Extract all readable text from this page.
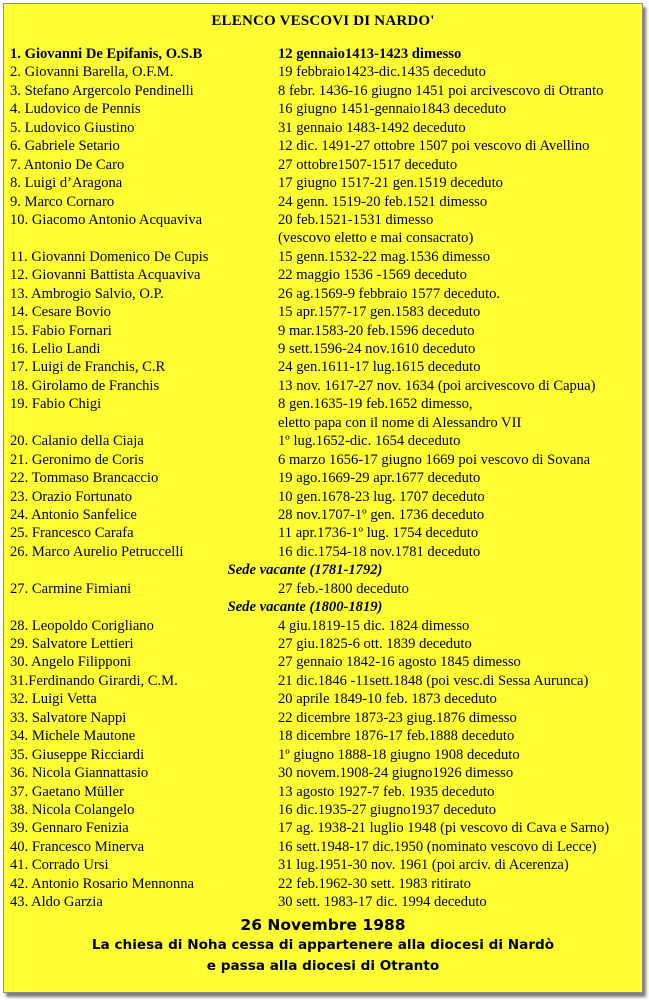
ELENCO VESCOVI DI NARDO'
1. Giovanni De Epifanis, O.S.B	12 gennaio1413-1423 dimesso
2. Giovanni Barella, O.F.M.	19 febbraio1423-dic.1435 deceduto
3. Stefano Argercolo Pendinelli	8 febr. 1436-16 giugno 1451 poi arcivescovo di Otranto
4. Ludovico de Pennis	16 giugno 1451-gennaio1843 deceduto
5. Ludovico Giustino	31 gennaio 1483-1492 deceduto
6. Gabriele Setario	12 dic. 1491-27 ottobre 1507 poi vescovo di Avellino
7. Antonio De Caro	27 ottobre1507-1517 deceduto
8. Luigi d’Aragona	17 giugno 1517-21 gen.1519 deceduto
9. Marco Cornaro	24 genn. 1519-20 feb.1521 dimesso
10. Giacomo Antonio Acquaviva	20 feb.1521-1531 dimesso
(vescovo eletto e mai consacrato)
11. Giovanni Domenico De Cupis	15 genn.1532-22 mag.1536 dimesso
12. Giovanni Battista Acquaviva	22 maggio 1536 -1569 deceduto
13. Ambrogio Salvio, O.P.	26 ag.1569-9 febbraio 1577 deceduto.
14. Cesare Bovio	15 apr.1577-17 gen.1583 deceduto
15. Fabio Fornari	9 mar.1583-20 feb.1596 deceduto
16. Lelio Landi	9 sett.1596-24 nov.1610 deceduto
17. Luigi de Franchis, C.R	24 gen.1611-17 lug.1615 deceduto
18. Girolamo de Franchis	13 nov. 1617-27 nov. 1634 (poi arcivescovo di Capua)
19. Fabio Chigi	8 gen.1635-19 feb.1652 dimesso,
eletto papa con il nome di Alessandro VII
20. Calanio della Ciaja	1º lug.1652-dic. 1654 deceduto
21. Geronimo de Coris	6 marzo 1656-17 giugno 1669 poi vescovo di Sovana
22. Tommaso Brancaccio	19 ago.1669-29 apr.1677 deceduto
23. Orazio Fortunato	10 gen.1678-23 lug. 1707 deceduto
24. Antonio Sanfelice	28 nov.1707-1º gen. 1736 deceduto
25. Francesco Carafa	11 apr.1736-1º lug. 1754 deceduto
26. Marco Aurelio Petruccelli	16 dic.1754-18 nov.1781 deceduto
Sede vacante (1781-1792)
27. Carmine Fimiani	27 feb.-1800 deceduto
Sede vacante (1800-1819)
28. Leopoldo Corigliano	4 giu.1819-15 dic. 1824 dimesso
29. Salvatore Lettieri	27 giu.1825-6 ott. 1839 deceduto
30. Angelo Filipponi	27 gennaio 1842-16 agosto 1845 dimesso
31.Ferdinando Girardi, C.M.	21 dic.1846 -11sett.1848 (poi vesc.di Sessa Aurunca)
32. Luigi Vetta	20 aprile 1849-10 feb. 1873 deceduto
33. Salvatore Nappi	22 dicembre 1873-23 giug.1876 dimesso
34. Michele Mautone	18 dicembre 1876-17 feb.1888 deceduto
35. Giuseppe Ricciardi	1º giugno 1888-18 giugno 1908 deceduto
36. Nicola Giannattasio	30 novem.1908-24 giugno1926 dimesso
37. Gaetano Müller	13 agosto 1927-7 feb. 1935 deceduto
38. Nicola Colangelo	16 dic.1935-27 giugno1937 deceduto
39. Gennaro Fenizia	17 ag. 1938-21 luglio 1948 (pi vescovo di Cava e Sarno)
40. Francesco Minerva	16 sett.1948-17 dic.1950 (nominato vescovo di Lecce)
41. Corrado Ursi	31 lug.1951-30 nov. 1961 (poi arciv. di Acerenza)
42. Antonio Rosario Mennonna	22 feb.1962-30 sett. 1983 ritirato
43. Aldo Garzia	30 sett. 1983-17 dic. 1994 deceduto
26 Novembre 1988
La chiesa di Noha cessa di appartenere alla diocesi di Nardò
e passa alla diocesi di Otranto
